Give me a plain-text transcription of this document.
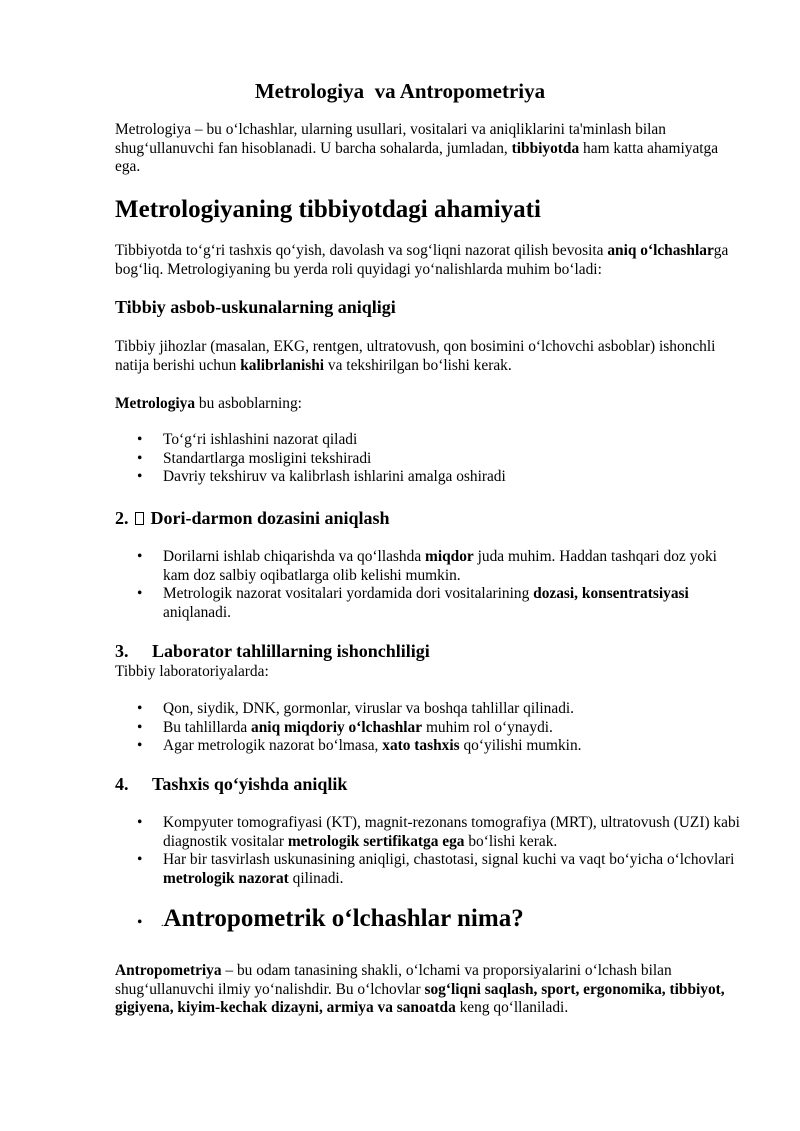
Metrologiya  va Antropometriya

Metrologiya – bu oʻlchashlar, ularning usullari, vositalari va aniqliklarini ta'minlash bilan shugʻullanuvchi fan hisoblanadi. U barcha sohalarda, jumladan, tibbiyotda ham katta ahamiyatga ega.

Metrologiyaning tibbiyotdagi ahamiyati

Tibbiyotda toʻgʻri tashxis qoʻyish, davolash va sogʻliqni nazorat qilish bevosita aniq oʻlchashlarga bogʻliq. Metrologiyaning bu yerda roli quyidagi yoʻnalishlarda muhim boʻladi:

Tibbiy asbob-uskunalarning aniqligi

Tibbiy jihozlar (masalan, EKG, rentgen, ultratovush, qon bosimini oʻlchovchi asboblar) ishonchli natija berishi uchun kalibrlanishi va tekshirilgan boʻlishi kerak.

Metrologiya bu asboblarning:

• Toʻgʻri ishlashini nazorat qiladi
• Standartlarga mosligini tekshiradi
• Davriy tekshiruv va kalibrlash ishlarini amalga oshiradi
2. Dori-darmon dozasini aniqlash
• Dorilarni ishlab chiqarishda va qoʻllashda miqdor juda muhim. Haddan tashqari doz yoki kam doz salbiy oqibatlarga olib kelishi mumkin.
• Metrologik nazorat vositalari yordamida dori vositalarining dozasi, konsentratsiyasi aniqlanadi.
3. Laborator tahlillarning ishonchliligi

Tibbiy laboratoriyalarda:

• Qon, siydik, DNK, gormonlar, viruslar va boshqa tahlillar qilinadi.
• Bu tahlillarda aniq miqdoriy oʻlchashlar muhim rol oʻynaydi.
• Agar metrologik nazorat boʻlmasa, xato tashxis qoʻyilishi mumkin.
4. Tashxis qoʻyishda aniqlik
• Kompyuter tomografiyasi (KT), magnit-rezonans tomografiya (MRT), ultratovush (UZI) kabi diagnostik vositalar metrologik sertifikatga ega boʻlishi kerak.
• Har bir tasvirlash uskunasining aniqligi, chastotasi, signal kuchi va vaqt boʻyicha oʻlchovlari metrologik nazorat qilinadi.
• .Antropometrik oʻlchashlar nima?

Antropometriya – bu odam tanasining shakli, oʻlchami va proporsiyalarini oʻlchash bilan shugʻullanuvchi ilmiy yoʻnalishdir. Bu oʻlchovlar sogʻliqni saqlash, sport, ergonomika, tibbiyot, gigiyena, kiyim-kechak dizayni, armiya va sanoatda keng qoʻllaniladi.
